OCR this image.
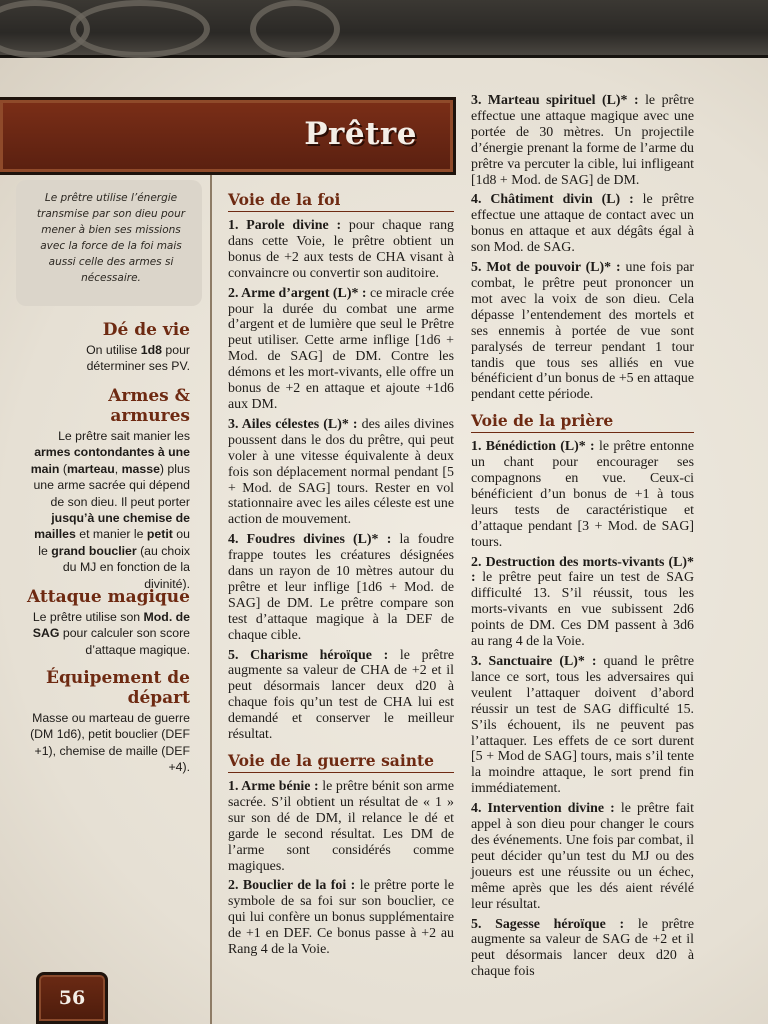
Prêtre
Le prêtre utilise l’énergie transmise par son dieu pour mener à bien ses missions avec la force de la foi mais aussi celle des armes si nécessaire.
Dé de vie
On utilise 1d8 pour déterminer ses PV.
Armes & armures
Le prêtre sait manier les armes contondantes à une main (marteau, masse) plus une arme sacrée qui dépend de son dieu. Il peut porter jusqu’à une chemise de mailles et manier le petit ou le grand bouclier (au choix du MJ en fonction de la divinité).
Attaque magique
Le prêtre utilise son Mod. de SAG pour calculer son score d’attaque magique.
Équipement de départ
Masse ou marteau de guerre (DM 1d6), petit bouclier (DEF +1), chemise de maille (DEF +4).
56
Voie de la foi

1. Parole divine : pour chaque rang dans cette Voie, le prêtre obtient un bonus de +2 aux tests de CHA visant à convaincre ou convertir son auditoire.

2. Arme d’argent (L)* : ce miracle crée pour la durée du combat une arme d’argent et de lumière que seul le Prêtre peut utiliser. Cette arme inflige [1d6 + Mod. de SAG] de DM. Contre les démons et les mort-vivants, elle offre un bonus de +2 en attaque et ajoute +1d6 aux DM.

3. Ailes célestes (L)* : des ailes divines poussent dans le dos du prêtre, qui peut voler à une vitesse équivalente à deux fois son déplacement normal pendant [5 + Mod. de SAG] tours. Rester en vol stationnaire avec les ailes céleste est une action de mouvement.

4. Foudres divines (L)* : la foudre frappe toutes les créatures désignées dans un rayon de 10 mètres autour du prêtre et leur inflige [1d6 + Mod. de SAG] de DM. Le prêtre compare son test d’attaque magique à la DEF de chaque cible.

5. Charisme héroïque : le prêtre augmente sa valeur de CHA de +2 et il peut désormais lancer deux d20 à chaque fois qu’un test de CHA lui est demandé et conserver le meilleur résultat.

Voie de la guerre sainte

1. Arme bénie : le prêtre bénit son arme sacrée. S’il obtient un résultat de « 1 » sur son dé de DM, il relance le dé et garde le second résultat. Les DM de l’arme sont considérés comme magiques.

2. Bouclier de la foi : le prêtre porte le symbole de sa foi sur son bouclier, ce qui lui confère un bonus supplémentaire de +1 en DEF. Ce bonus passe à +2 au Rang 4 de la Voie.

3. Marteau spirituel (L)* : le prêtre effectue une attaque magique avec une portée de 30 mètres. Un projectile d’énergie prenant la forme de l’arme du prêtre va percuter la cible, lui infligeant [1d8 + Mod. de SAG] de DM.

4. Châtiment divin (L) : le prêtre effectue une attaque de contact avec un bonus en attaque et aux dégâts égal à son Mod. de SAG.

5. Mot de pouvoir (L)* : une fois par combat, le prêtre peut prononcer un mot avec la voix de son dieu. Cela dépasse l’entendement des mortels et ses ennemis à portée de vue sont paralysés de terreur pendant 1 tour tandis que tous ses alliés en vue bénéficient d’un bonus de +5 en attaque pendant cette période.

Voie de la prière

1. Bénédiction (L)* : le prêtre entonne un chant pour encourager ses compagnons en vue. Ceux-ci bénéficient d’un bonus de +1 à tous leurs tests de caractéristique et d’attaque pendant [3 + Mod. de SAG] tours.

2. Destruction des morts-vivants (L)* : le prêtre peut faire un test de SAG difficulté 13. S’il réussit, tous les morts-vivants en vue subissent 2d6 points de DM. Ces DM passent à 3d6 au rang 4 de la Voie.

3. Sanctuaire (L)* : quand le prêtre lance ce sort, tous les adversaires qui veulent l’attaquer doivent d’abord réussir un test de SAG difficulté 15. S’ils échouent, ils ne peuvent pas l’attaquer. Les effets de ce sort durent [5 + Mod de SAG] tours, mais s’il tente la moindre attaque, le sort prend fin immédiatement.

4. Intervention divine : le prêtre fait appel à son dieu pour changer le cours des événements. Une fois par combat, il peut décider qu’un test du MJ ou des joueurs est une réussite ou un échec, même après que les dés aient révélé leur résultat.

5. Sagesse héroïque : le prêtre augmente sa valeur de SAG de +2 et il peut désormais lancer deux d20 à chaque fois
